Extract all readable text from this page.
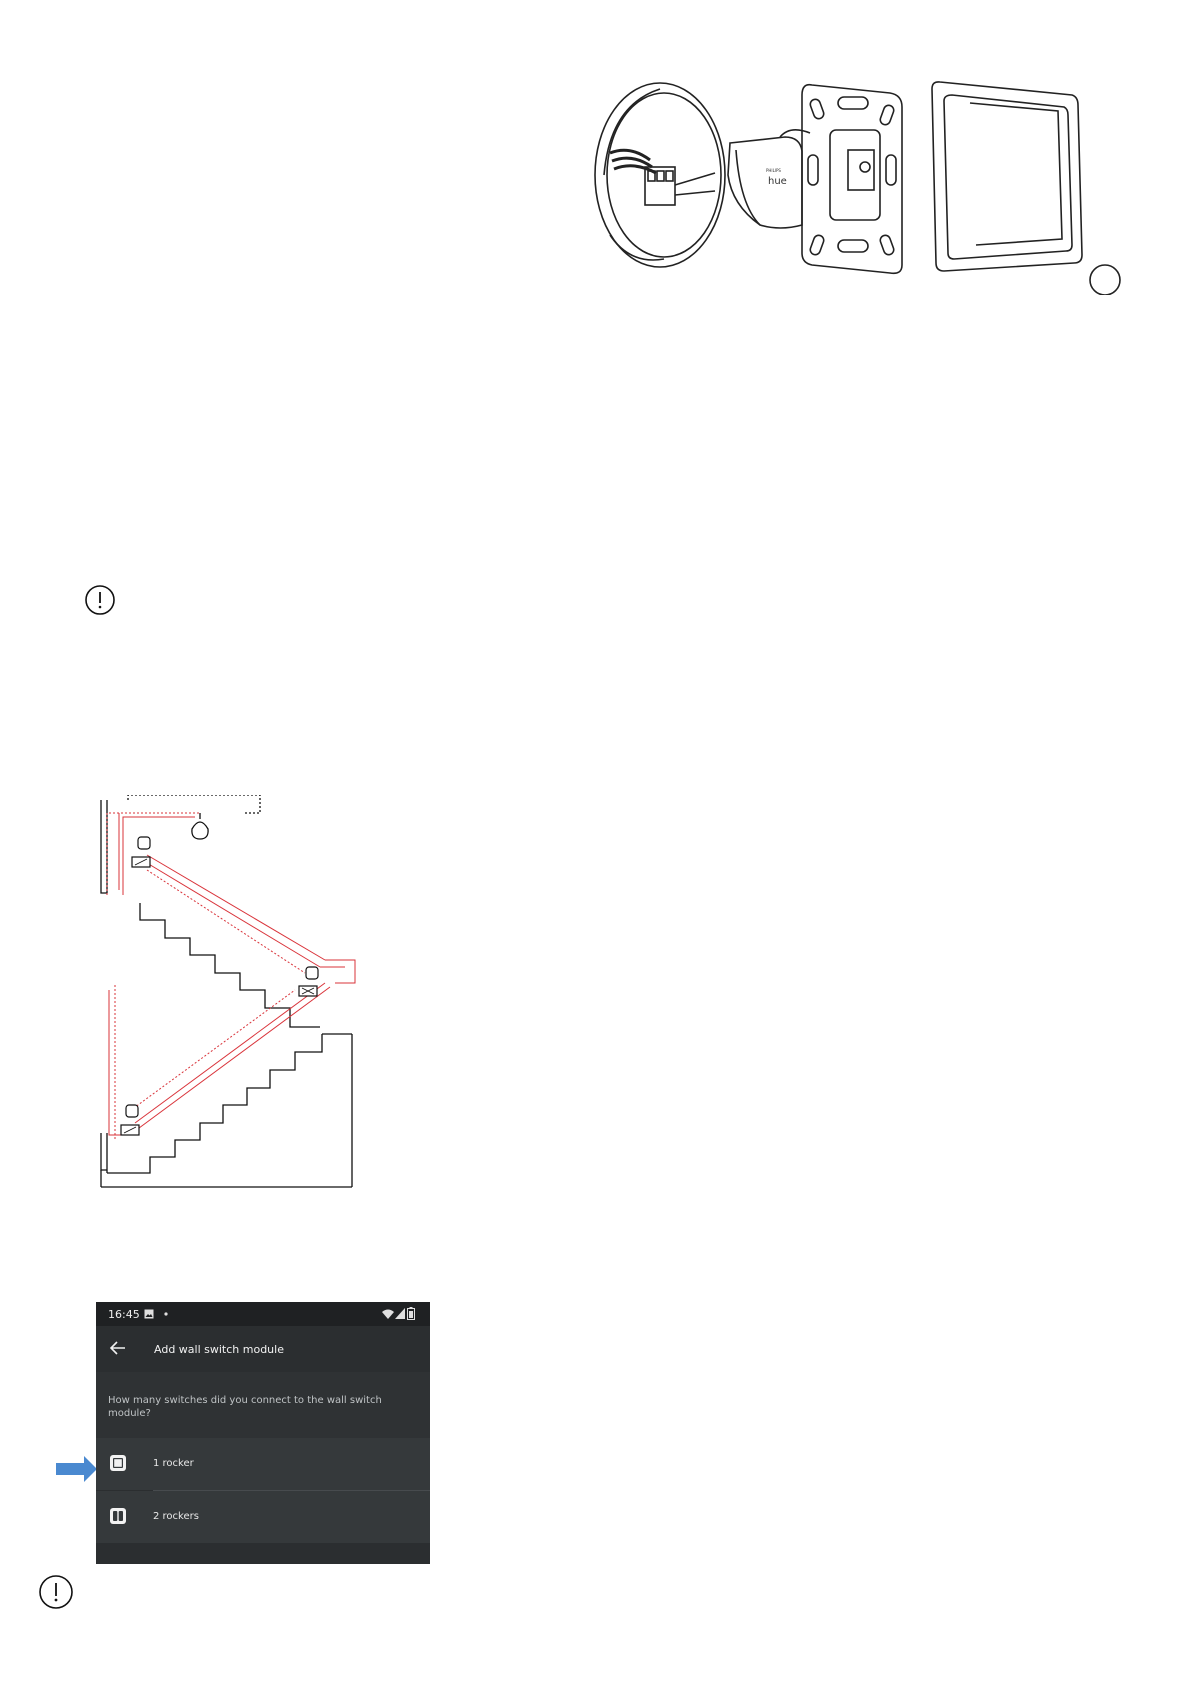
hue
PHILIPS
16:45
Add wall switch module
How many switches did you connect to the wall switch module?
1 rocker
2 rockers
